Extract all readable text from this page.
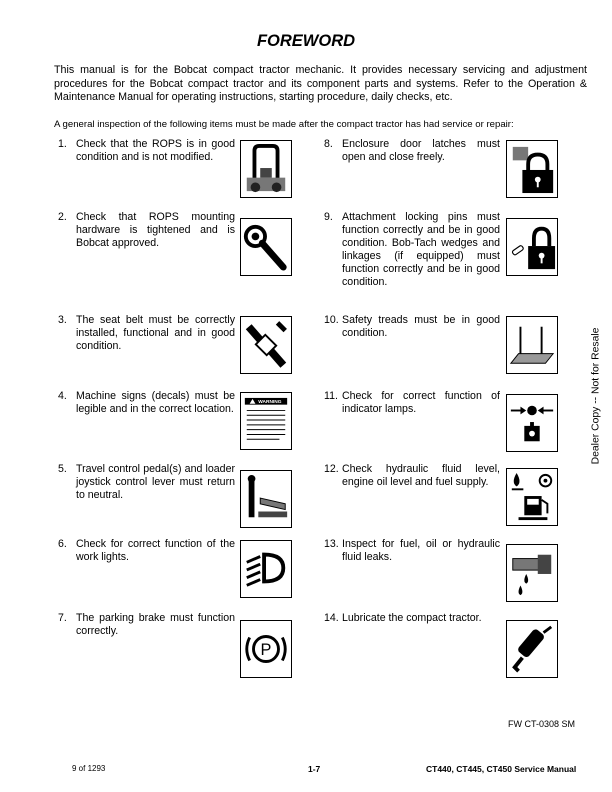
FOREWORD
This manual is for the Bobcat compact tractor mechanic. It provides necessary servicing and adjustment procedures for the Bobcat compact tractor and its component parts and systems. Refer to the Operation & Maintenance Manual for operating instructions, starting procedure, daily checks, etc.
A general inspection of the following items must be made after the compact tractor has had service or repair:
1. Check that the ROPS is in good condition and is not modified.
2. Check that ROPS mounting hardware is tightened and is Bobcat approved.
3. The seat belt must be correctly installed, functional and in good condition.
4. Machine signs (decals) must be legible and in the correct location.
WARNING
5. Travel control pedal(s) and loader joystick control lever must return to neutral.
6. Check for correct function of the work lights.
7. The parking brake must function correctly.
P
8. Enclosure door latches must open and close freely.
9. Attachment locking pins must function correctly and be in good condition. Bob-Tach wedges and linkages (if equipped) must function correctly and be in good condition.
10. Safety treads must be in good condition.
11. Check for correct function of indicator lamps.
12. Check hydraulic fluid level, engine oil level and fuel supply.
13. Inspect for fuel, oil or hydraulic fluid leaks.
14. Lubricate the compact tractor.
Dealer Copy -- Not for Resale
FW CT-0308 SM
9 of 1293	1-7	CT440, CT445, CT450 Service Manual
